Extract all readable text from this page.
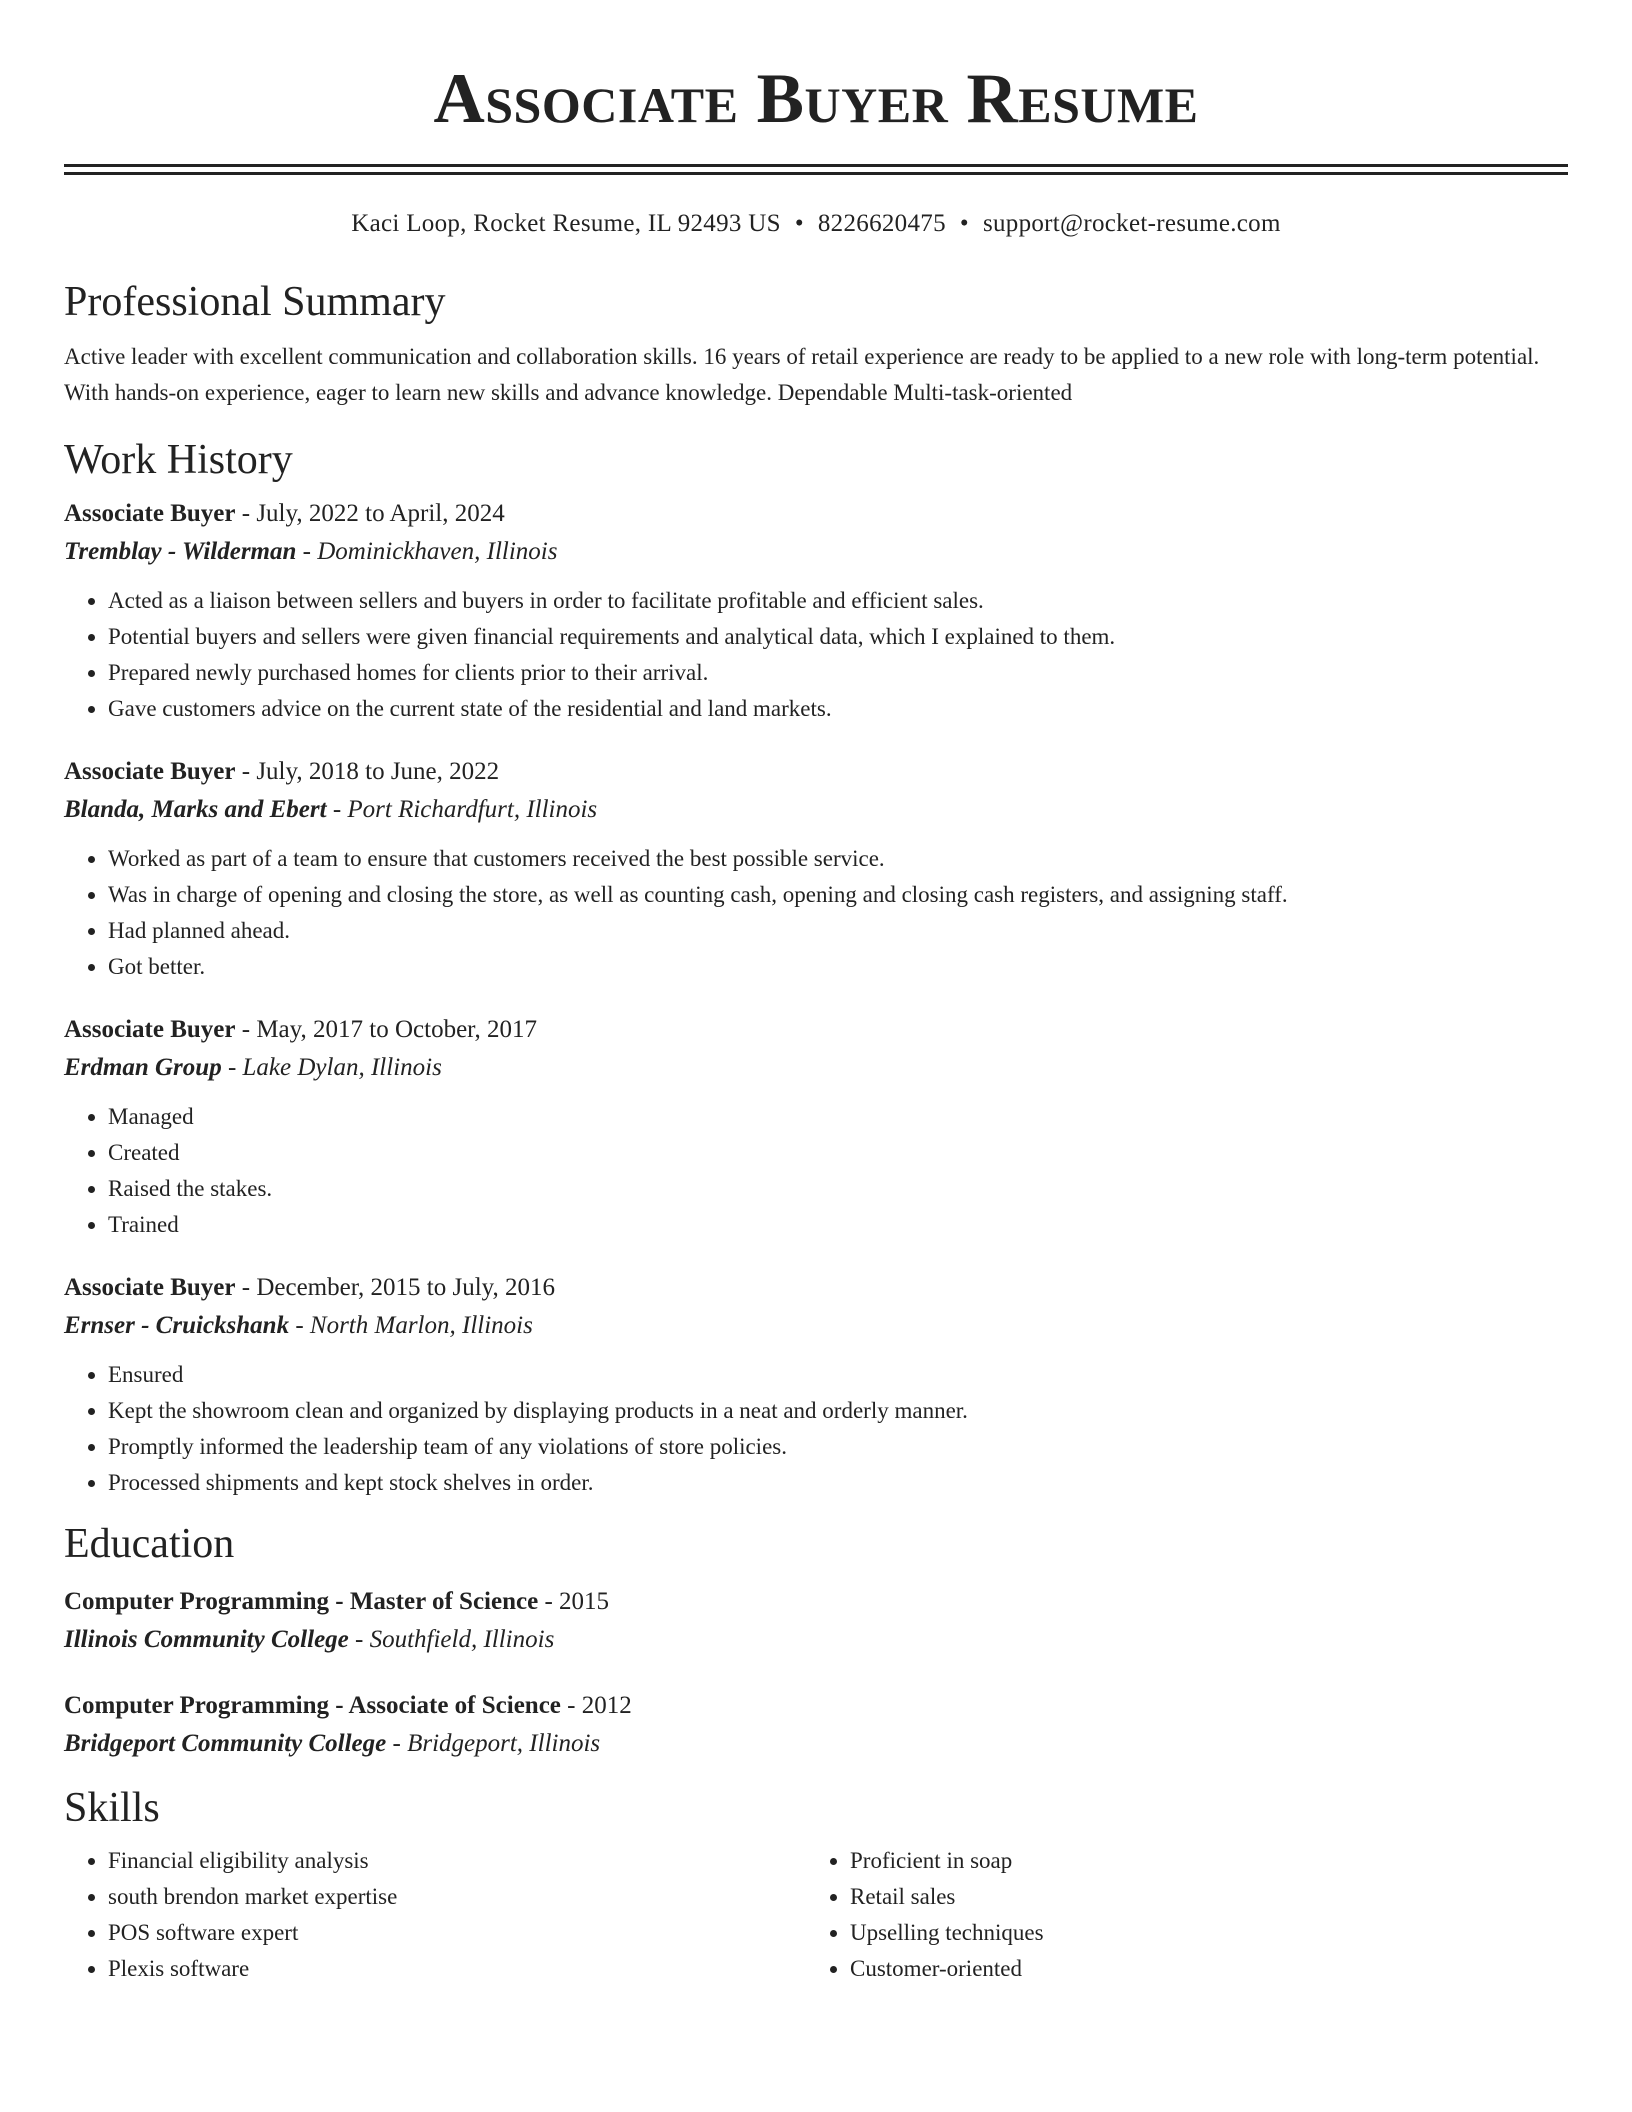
Associate Buyer Resume
Kaci Loop, Rocket Resume, IL 92493 US • 8226620475 • support@rocket-resume.com
Professional Summary

Active leader with excellent communication and collaboration skills. 16 years of retail experience are ready to be applied to a new role with long-term potential. With hands-on experience, eager to learn new skills and advance knowledge. Dependable Multi-task-oriented

Work History

Associate Buyer - July, 2022 to April, 2024

Tremblay - Wilderman - Dominickhaven, Illinois

• Acted as a liaison between sellers and buyers in order to facilitate profitable and efficient sales.
• Potential buyers and sellers were given financial requirements and analytical data, which I explained to them.
• Prepared newly purchased homes for clients prior to their arrival.
• Gave customers advice on the current state of the residential and land markets.

Associate Buyer - July, 2018 to June, 2022

Blanda, Marks and Ebert - Port Richardfurt, Illinois

• Worked as part of a team to ensure that customers received the best possible service.
• Was in charge of opening and closing the store, as well as counting cash, opening and closing cash registers, and assigning staff.
• Had planned ahead.
• Got better.

Associate Buyer - May, 2017 to October, 2017

Erdman Group - Lake Dylan, Illinois

• Managed
• Created
• Raised the stakes.
• Trained

Associate Buyer - December, 2015 to July, 2016

Ernser - Cruickshank - North Marlon, Illinois

• Ensured
• Kept the showroom clean and organized by displaying products in a neat and orderly manner.
• Promptly informed the leadership team of any violations of store policies.
• Processed shipments and kept stock shelves in order.
Education

Computer Programming - Master of Science - 2015

Illinois Community College - Southfield, Illinois

Computer Programming - Associate of Science - 2012

Bridgeport Community College - Bridgeport, Illinois

Skills
• Financial eligibility analysis
• south brendon market expertise
• POS software expert
• Plexis software
• Proficient in soap
• Retail sales
• Upselling techniques
• Customer-oriented
